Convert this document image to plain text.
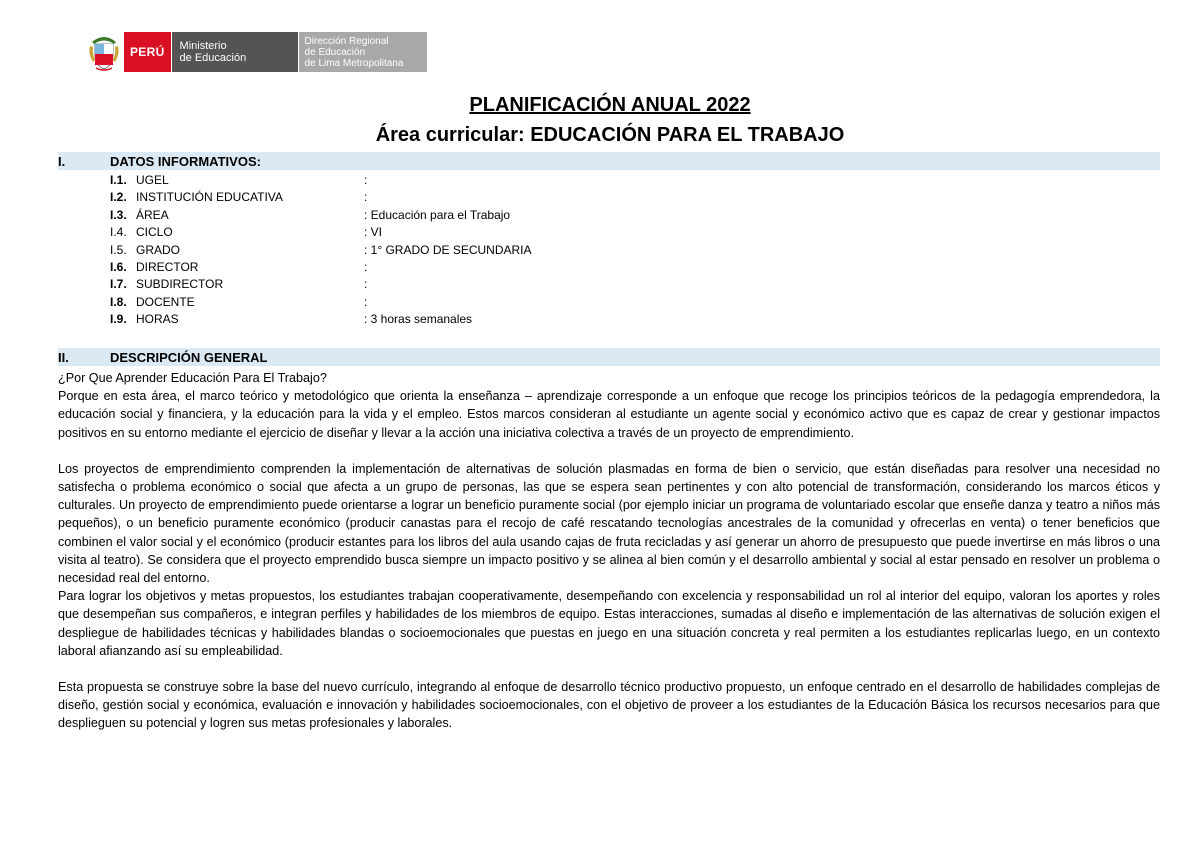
PERÚ	Ministerio
de Educación
Dirección Regional
de Educación
de Lima Metropolitana
PLANIFICACIÓN ANUAL 2022
Área curricular: EDUCACIÓN PARA EL TRABAJO
I.	DATOS INFORMATIVOS:
I.1. UGEL	:
I.2. INSTITUCIÓN EDUCATIVA	:
I.3. ÁREA	: Educación para el Trabajo
I.4. CICLO	: VI
I.5. GRADO	: 1° GRADO DE SECUNDARIA
I.6. DIRECTOR	:
I.7. SUBDIRECTOR	:
I.8. DOCENTE	:
I.9. HORAS	: 3 horas semanales
II.	DESCRIPCIÓN GENERAL

¿Por Que Aprender Educación Para El Trabajo?

Porque en esta área, el marco teórico y metodológico que orienta la enseñanza – aprendizaje corresponde a un enfoque que recoge los principios teóricos de la pedagogía emprendedora, la educación social y financiera, y la educación para la vida y el empleo. Estos marcos consideran al estudiante un agente social y económico activo que es capaz de crear y gestionar impactos positivos en su entorno mediante el ejercicio de diseñar y llevar a la acción una iniciativa colectiva a través de un proyecto de emprendimiento.

Los proyectos de emprendimiento comprenden la implementación de alternativas de solución plasmadas en forma de bien o servicio, que están diseñadas para resolver una necesidad no satisfecha o problema económico o social que afecta a un grupo de personas, las que se espera sean pertinentes y con alto potencial de transformación, considerando los marcos éticos y culturales. Un proyecto de emprendimiento puede orientarse a lograr un beneficio puramente social (por ejemplo iniciar un programa de voluntariado escolar que enseñe danza y teatro a niños más pequeños), o un beneficio puramente económico (producir canastas para el recojo de café rescatando tecnologías ancestrales de la comunidad y ofrecerlas en venta) o tener beneficios que combinen el valor social y el económico (producir estantes para los libros del aula usando cajas de fruta recicladas y así generar un ahorro de presupuesto que puede invertirse en más libros o una visita al teatro). Se considera que el proyecto emprendido busca siempre un impacto positivo y se alinea al bien común y el desarrollo ambiental y social al estar pensado en resolver un problema o necesidad real del entorno.

Para lograr los objetivos y metas propuestos, los estudiantes trabajan cooperativamente, desempeñando con excelencia y responsabilidad un rol al interior del equipo, valoran los aportes y roles que desempeñan sus compañeros, e integran perfiles y habilidades de los miembros de equipo. Estas interacciones, sumadas al diseño e implementación de las alternativas de solución exigen el despliegue de habilidades técnicas y habilidades blandas o socioemocionales que puestas en juego en una situación concreta y real permiten a los estudiantes replicarlas luego, en un contexto laboral afianzando así su empleabilidad.

Esta propuesta se construye sobre la base del nuevo currículo, integrando al enfoque de desarrollo técnico productivo propuesto, un enfoque centrado en el desarrollo de habilidades complejas de diseño, gestión social y económica, evaluación e innovación y habilidades socioemocionales, con el objetivo de proveer a los estudiantes de la Educación Básica los recursos necesarios para que desplieguen su potencial y logren sus metas profesionales y laborales.
